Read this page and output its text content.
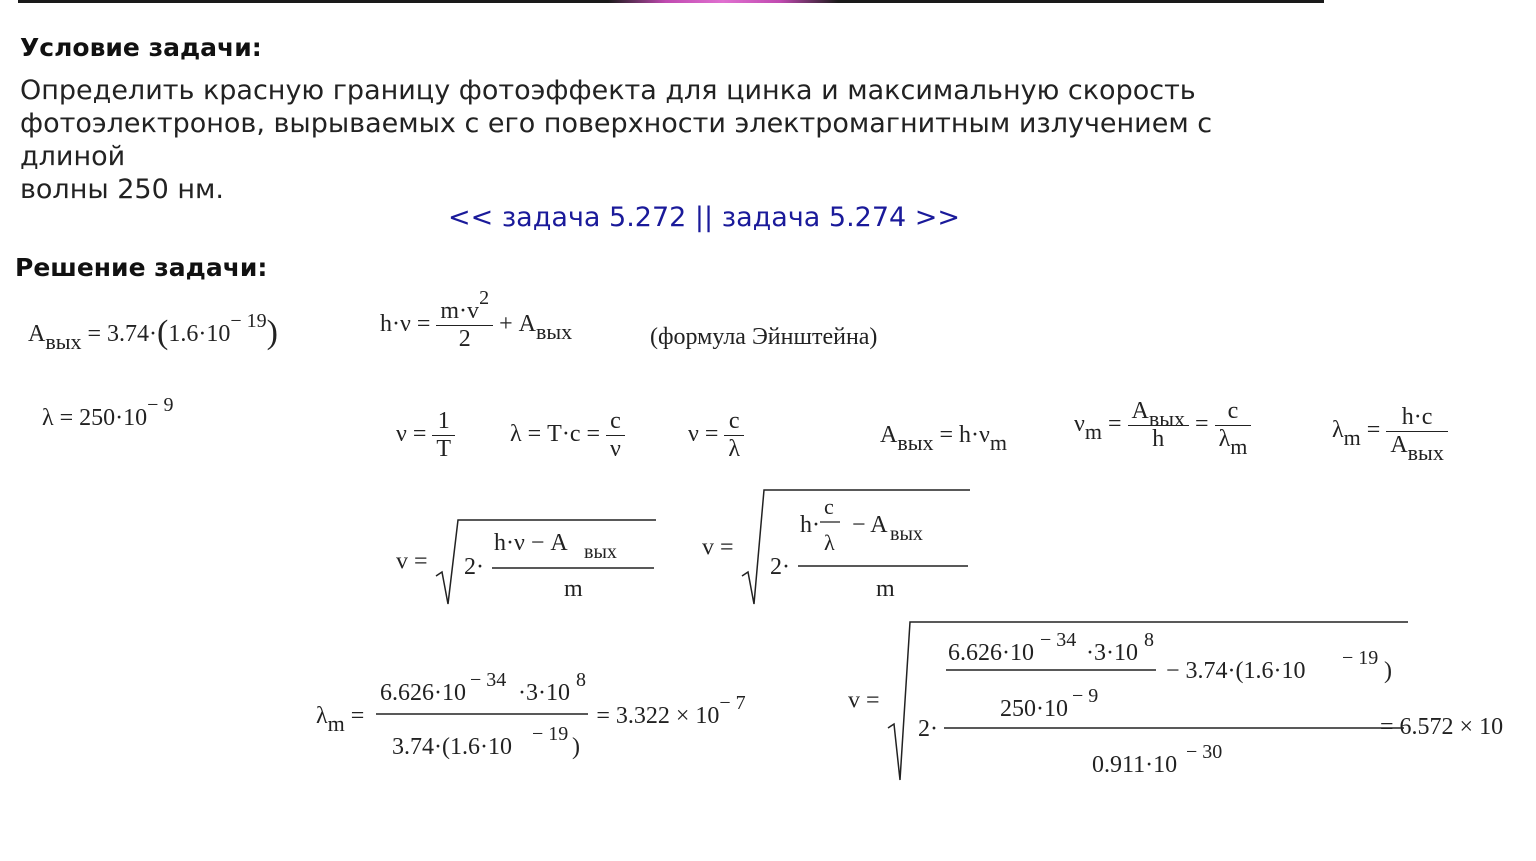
Условие задачи:
Определить красную границу фотоэффекта для цинка и максимальную скорость
фотоэлектронов, вырываемых с его поверхности электромагнитным излучением с длиной
волны 250 нм.
<< задача 5.272 || задача 5.274 >>
Решение задачи:
Aвых = $3.74\cdot(1.6\cdot 10^{- 19})$	$h\cdot\nu = \frac{m\cdot v^2}{2}$ + Aвых	(формула Эйнштейна)
$\lambda = 250\cdot 10^{- 9}$
$\nu = \frac{1}{T}$ $\lambda = T\cdot c = \frac{c}{\nu}$	$\nu = \frac{c}{\lambda}$	Aвых = h·νm
$\nu m = \frac{\text{Aвых}}{h} = \frac{c}{\lambda m}$	$\lambda m = \frac{h\cdot c}{\text{Aвых}}$
v = 2·
h·ν − A вых
m
v =
2·
h·
c
λ
− A вых
m
λm =
6.626·10 − 34 ·3·10 8
3.74·(1.6·10 − 19 )
= $3.322 \times 10^{- 7}$	v =
2·
6.626·10 − 34 ·3·10 8
250·10 − 9
− 3.74·(1.6·10 − 19 )
0.911·10 − 30
= 6.572 × 10
